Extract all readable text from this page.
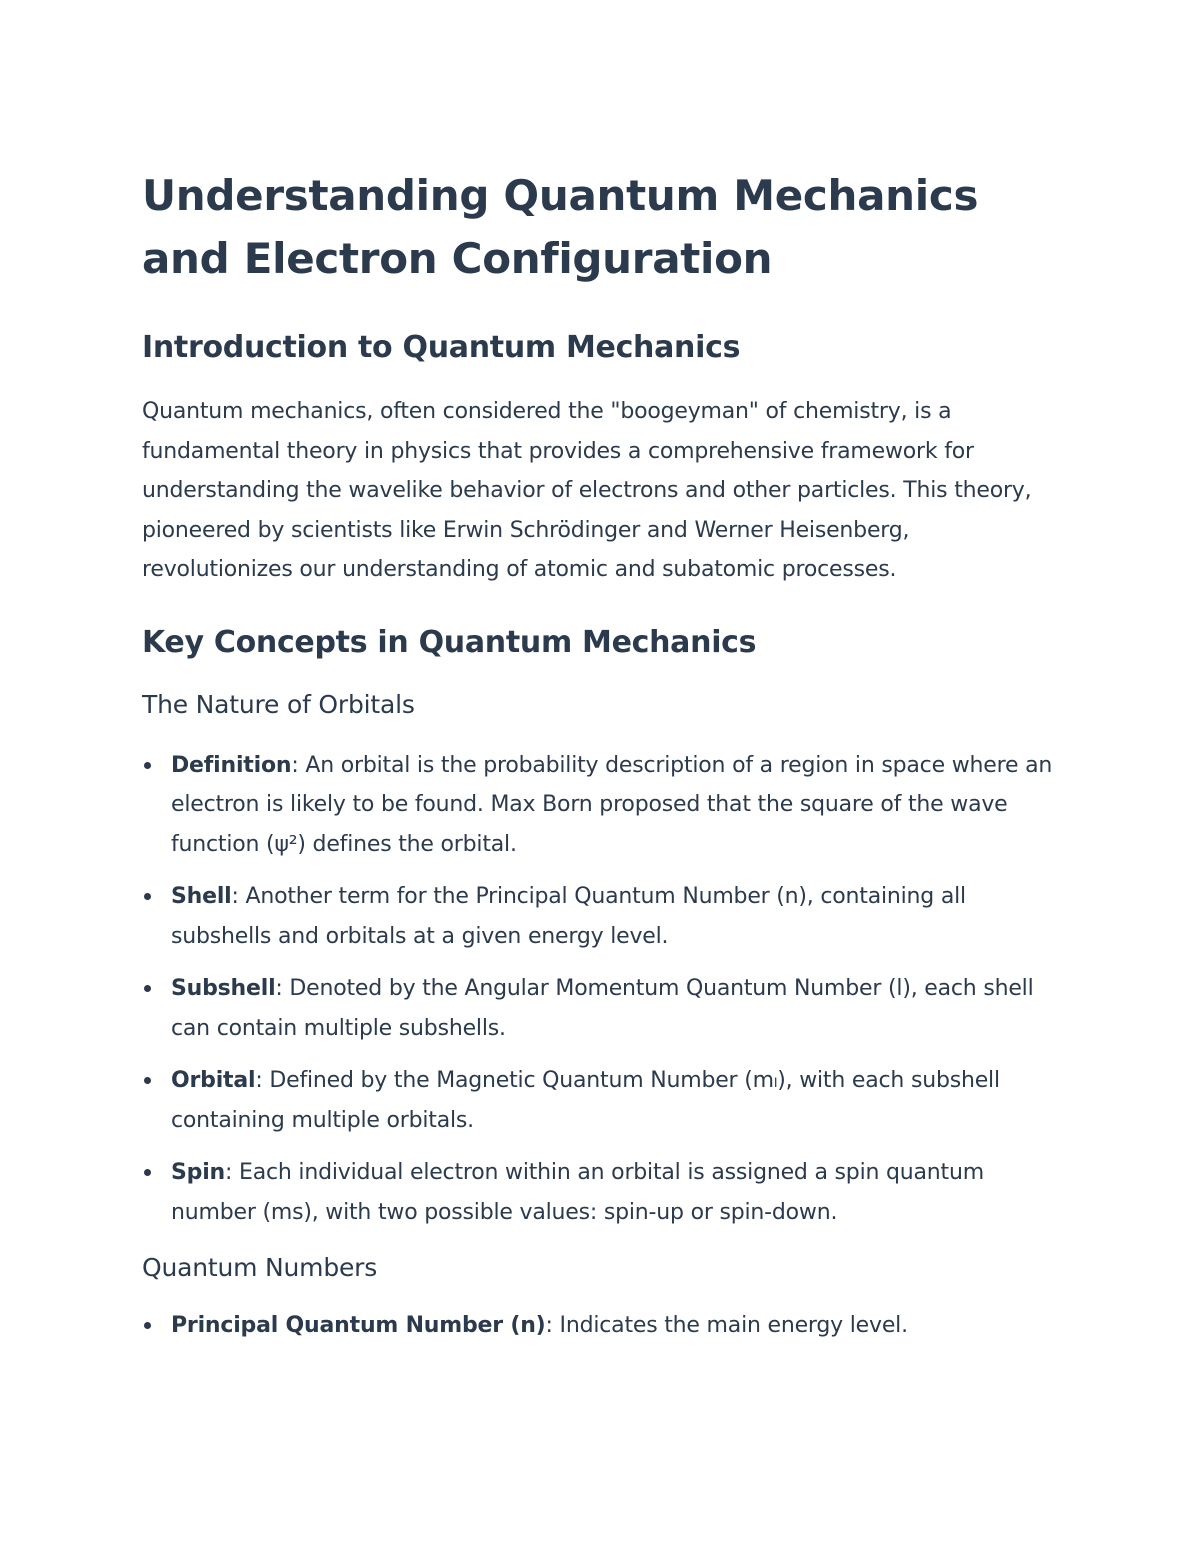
Understanding Quantum Mechanics and Electron Configuration
Introduction to Quantum Mechanics

Quantum mechanics, often considered the "boogeyman" of chemistry, is a fundamental theory in physics that provides a comprehensive framework for understanding the wavelike behavior of electrons and other particles. This theory, pioneered by scientists like Erwin Schrödinger and Werner Heisenberg, revolutionizes our understanding of atomic and subatomic processes.

Key Concepts in Quantum Mechanics
The Nature of Orbitals
Definition: An orbital is the probability description of a region in space where an electron is likely to be found. Max Born proposed that the square of the wave function (ψ²) defines the orbital.
Shell: Another term for the Principal Quantum Number (n), containing all subshells and orbitals at a given energy level.
Subshell: Denoted by the Angular Momentum Quantum Number (l), each shell can contain multiple subshells.
Orbital: Defined by the Magnetic Quantum Number (mₗ), with each subshell containing multiple orbitals.
Spin: Each individual electron within an orbital is assigned a spin quantum number (ms), with two possible values: spin-up or spin-down.
Quantum Numbers
Principal Quantum Number (n): Indicates the main energy level.
